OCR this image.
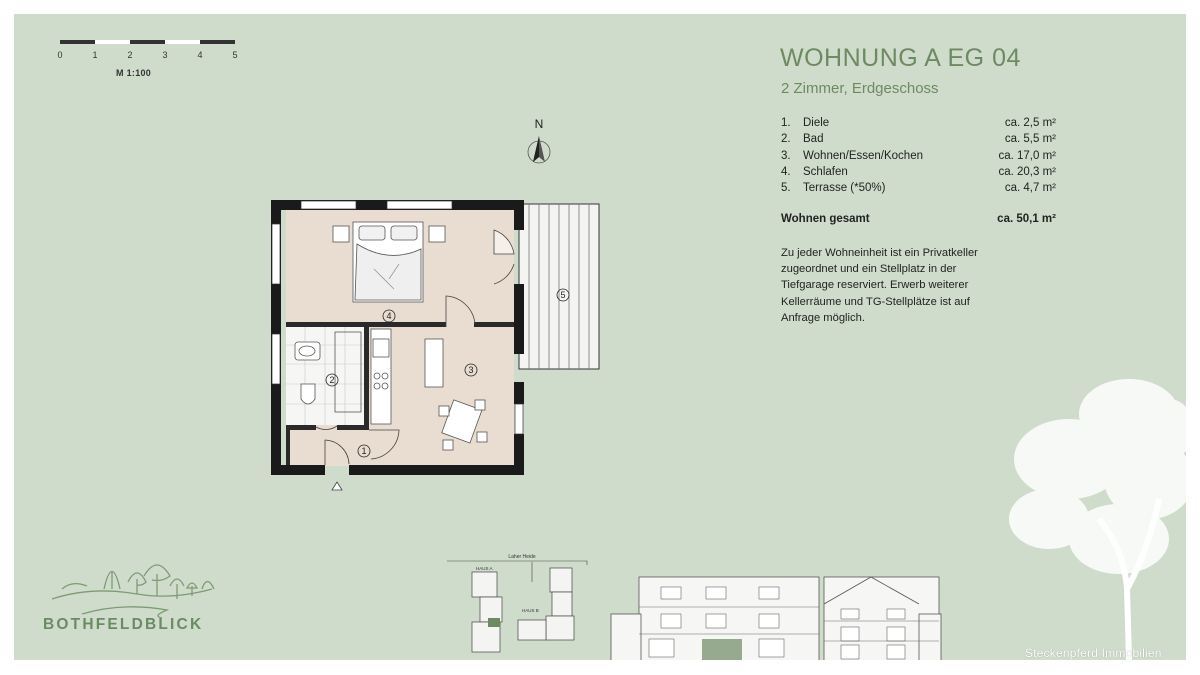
0	1	2	3	4	5
M 1:100
N
4
2
3
1
5
WOHNUNG A EG 04
2 Zimmer, Erdgeschoss
1.	Diele	ca. 2,5 m²
2.	Bad	ca. 5,5 m²
3.	Wohnen/Essen/Kochen	ca. 17,0 m²
4.	Schlafen	ca. 20,3 m²
5.	Terrasse (*50%)	ca. 4,7 m²
Wohnen gesamt	ca. 50,1 m²
Zu jeder Wohneinheit ist ein Privatkeller zugeordnet und ein Stellplatz in der Tiefgarage reserviert. Erwerb weiterer Kellerräume und TG-Stellplätze ist auf Anfrage möglich.
BOTHFELDBLICK
Laher Heide
HAUS A
HAUS B
Steckenpferd Immobilien
